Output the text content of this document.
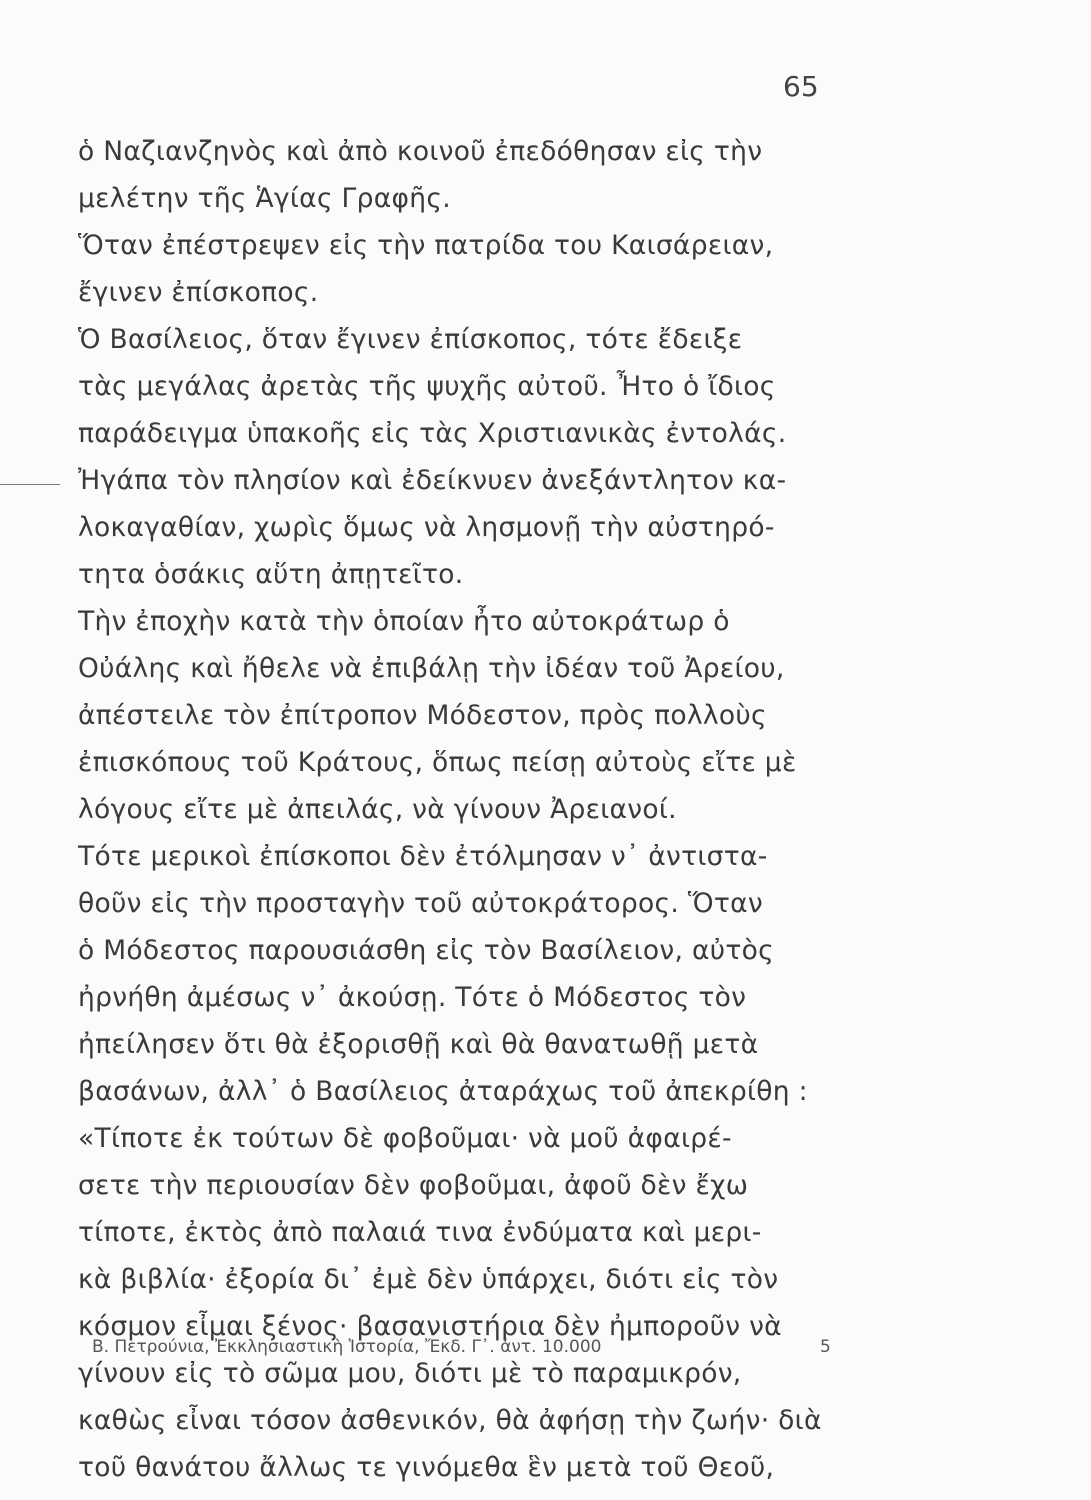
65
ὁ Ναζιανζηνὸς καὶ ἀπὸ κοινοῦ ἐπεδόθησαν εἰς τὴν
μελέτην τῆς Ἁγίας Γραφῆς.
Ὅταν ἐπέστρεψεν εἰς τὴν πατρίδα του Καισάρειαν,
ἔγινεν ἐπίσκοπος.
Ὁ Βασίλειος, ὅταν ἔγινεν ἐπίσκοπος, τότε ἔδειξε
τὰς μεγάλας ἀρετὰς τῆς ψυχῆς αὐτοῦ. Ἦτο ὁ ἴδιος
παράδειγμα ὑπακοῆς εἰς τὰς Χριστιανικὰς ἐντολάς.
Ἠγάπα τὸν πλησίον καὶ ἐδείκνυεν ἀνεξάντλητον κα-
λοκαγαθίαν, χωρὶς ὅμως νὰ λησμονῇ τὴν αὐστηρό-
τητα ὁσάκις αὕτη ἀπῃτεῖτο.
Τὴν ἐποχὴν κατὰ τὴν ὁποίαν ἦτο αὐτοκράτωρ ὁ
Οὐάλης καὶ ἤθελε νὰ ἐπιβάλῃ τὴν ἰδέαν τοῦ Ἀρείου,
ἀπέστειλε τὸν ἐπίτροπον Μόδεστον, πρὸς πολλοὺς
ἐπισκόπους τοῦ Κράτους, ὅπως πείσῃ αὐτοὺς εἴτε μὲ
λόγους εἴτε μὲ ἀπειλάς, νὰ γίνουν Ἀρειανοί.
Τότε μερικοὶ ἐπίσκοποι δὲν ἐτόλμησαν ν᾽ ἀντιστα-
θοῦν εἰς τὴν προσταγὴν τοῦ αὐτοκράτορος. Ὅταν
ὁ Μόδεστος παρουσιάσθη εἰς τὸν Βασίλειον, αὐτὸς
ἠρνήθη ἀμέσως ν᾽ ἀκούσῃ. Τότε ὁ Μόδεστος τὸν
ἠπείλησεν ὅτι θὰ ἐξορισθῇ καὶ θὰ θανατωθῇ μετὰ
βασάνων, ἀλλ᾽ ὁ Βασίλειος ἀταράχως τοῦ ἀπεκρίθη :
«Τίποτε ἐκ τούτων δὲ φοβοῦμαι· νὰ μοῦ ἀφαιρέ-
σετε τὴν περιουσίαν δὲν φοβοῦμαι, ἀφοῦ δὲν ἔχω
τίποτε, ἐκτὸς ἀπὸ παλαιά τινα ἐνδύματα καὶ μερι-
κὰ βιβλία· ἐξορία δι᾽ ἐμὲ δὲν ὑπάρχει, διότι εἰς τὸν
κόσμον εἶμαι ξένος· βασανιστήρια δὲν ἠμποροῦν νὰ
γίνουν εἰς τὸ σῶμα μου, διότι μὲ τὸ παραμικρόν,
καθὼς εἶναι τόσον ἀσθενικόν, θὰ ἀφήσῃ τὴν ζωήν· διὰ
τοῦ θανάτου ἄλλως τε γινόμεθα ἓν μετὰ τοῦ Θεοῦ,
Β. Πετρούνια, Ἐκκλησιαστικὴ Ἱστορία, Ἔκδ. Γ᾽. ἀντ. 10.000	5
